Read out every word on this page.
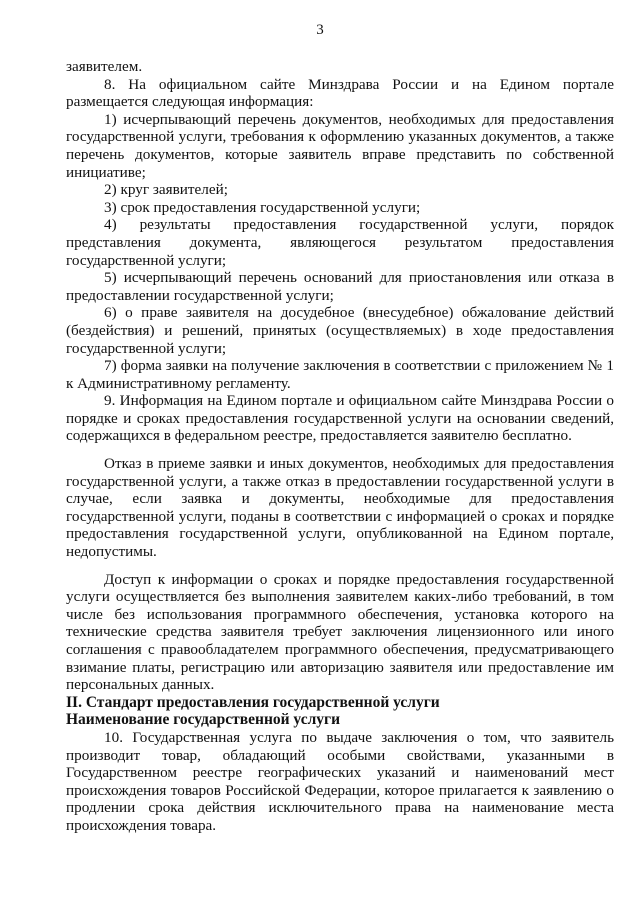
3

заявителем.

8. На официальном сайте Минздрава России и на Едином портале размещается следующая информация:

1) исчерпывающий перечень документов, необходимых для предоставления государственной услуги, требования к оформлению указанных документов, а также перечень документов, которые заявитель вправе представить по собственной инициативе;

2) круг заявителей;

3) срок предоставления государственной услуги;

4) результаты предоставления государственной услуги, порядок представления документа, являющегося результатом предоставления государственной услуги;

5) исчерпывающий перечень оснований для приостановления или отказа в предоставлении государственной услуги;

6) о праве заявителя на досудебное (внесудебное) обжалование действий (бездействия) и решений, принятых (осуществляемых) в ходе предоставления государственной услуги;

7) форма заявки на получение заключения в соответствии с приложением № 1 к Административному регламенту.

9. Информация на Едином портале и официальном сайте Минздрава России о порядке и сроках предоставления государственной услуги на основании сведений, содержащихся в федеральном реестре, предоставляется заявителю бесплатно.

Отказ в приеме заявки и иных документов, необходимых для предоставления государственной услуги, а также отказ в предоставлении государственной услуги в случае, если заявка и документы, необходимые для предоставления государственной услуги, поданы в соответствии с информацией о сроках и порядке предоставления государственной услуги, опубликованной на Едином портале, недопустимы.

Доступ к информации о сроках и порядке предоставления государственной услуги осуществляется без выполнения заявителем каких-либо требований, в том числе без использования программного обеспечения, установка которого на технические средства заявителя требует заключения лицензионного или иного соглашения с правообладателем программного обеспечения, предусматривающего взимание платы, регистрацию или авторизацию заявителя или предоставление им персональных данных.

II. Стандарт предоставления государственной услуги

Наименование государственной услуги

10. Государственная услуга по выдаче заключения о том, что заявитель производит товар, обладающий особыми свойствами, указанными в Государственном реестре географических указаний и наименований мест происхождения товаров Российской Федерации, которое прилагается к заявлению о продлении срока действия исключительного права на наименование места происхождения товара.
